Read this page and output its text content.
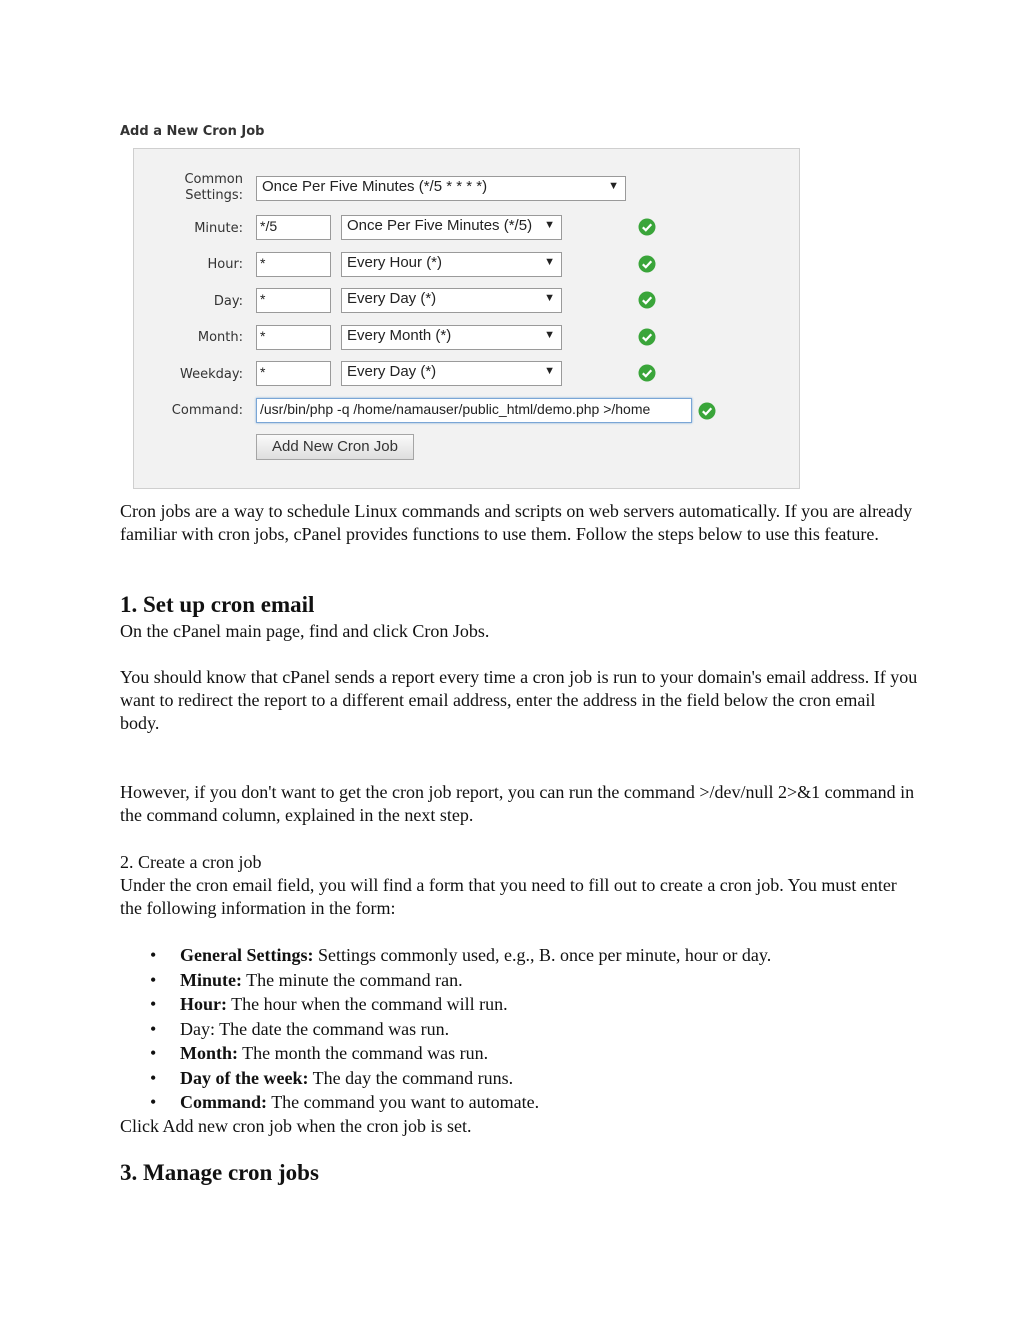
Add a New Cron Job
Common
Settings:
Once Per Five Minutes (*/5 * * * *)	▼
Minute: */5	Once Per Five Minutes (*/5) ▼
Hour: *	Every Hour (*)	▼
Day: *	Every Day (*)	▼
Month: *	Every Month (*)	▼
Weekday: *	Every Day (*)	▼
Command: /usr/bin/php -q /home/namauser/public_html/demo.php >/home
Add New Cron Job

Cron jobs are a way to schedule Linux commands and scripts on web servers automatically. If you are already familiar with cron jobs, cPanel provides functions to use them. Follow the steps below to use this feature.

1. Set up cron email

On the cPanel main page, find and click Cron Jobs.

You should know that cPanel sends a report every time a cron job is run to your domain's email address. If you want to redirect the report to a different email address, enter the address in the field below the cron email
body.

However, if you don't want to get the cron job report, you can run the command >/dev/null 2>&1 command in the command column, explained in the next step.

2. Create a cron job

Under the cron email field, you will find a form that you need to fill out to create a cron job. You must enter the following information in the form:

• General Settings: Settings commonly used, e.g., B. once per minute, hour or day.
• Minute: The minute the command ran.
• Hour: The hour when the command will run.
• Day: The date the command was run.
• Month: The month the command was run.
• Day of the week: The day the command runs.
• Command: The command you want to automate.

Click Add new cron job when the cron job is set.

3. Manage cron jobs
